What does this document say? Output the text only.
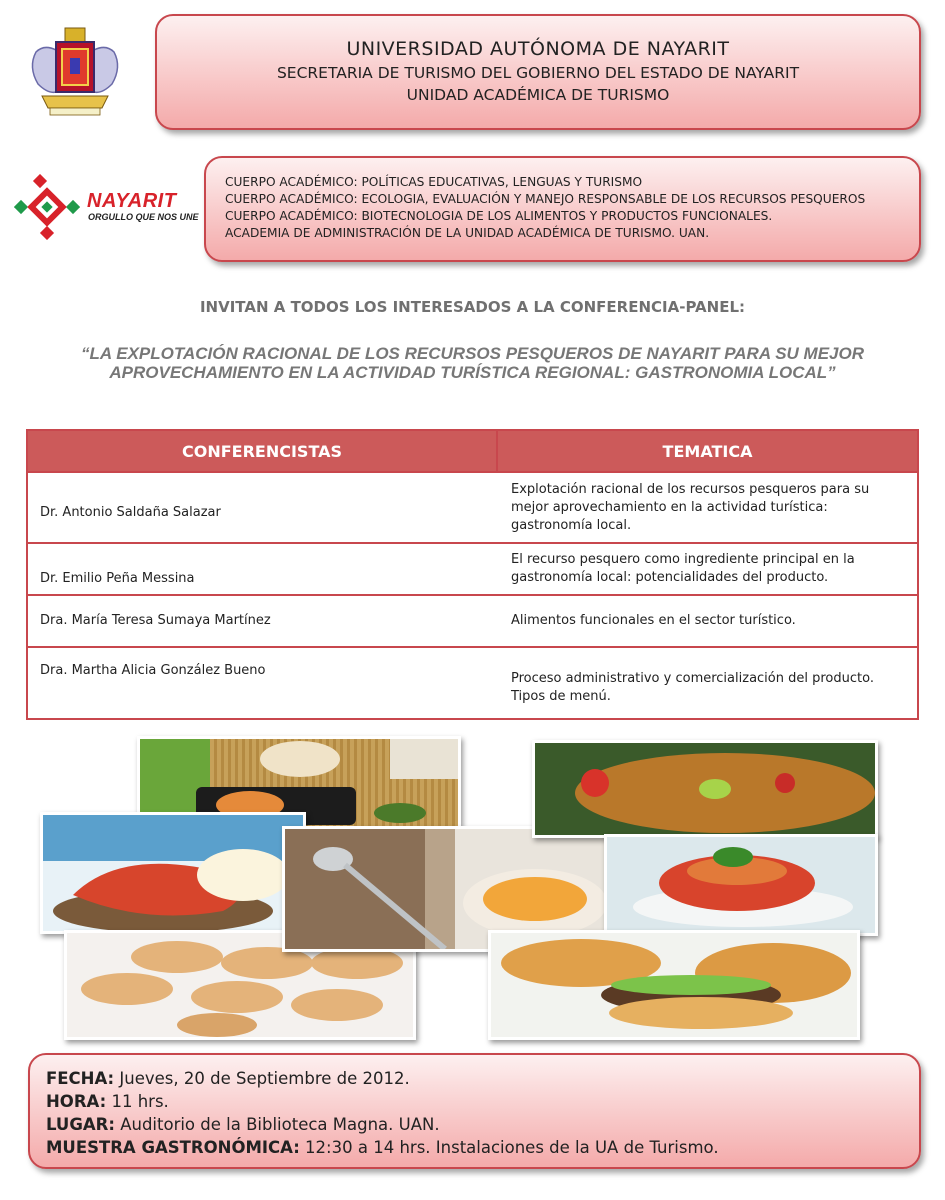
UNIVERSIDAD AUTÓNOMA DE NAYARIT
SECRETARIA DE TURISMO DEL GOBIERNO DEL ESTADO DE NAYARIT
UNIDAD ACADÉMICA DE TURISMO
NAYARIT
ORGULLO QUE NOS UNE
CUERPO ACADÉMICO: POLÍTICAS EDUCATIVAS, LENGUAS Y TURISMO
CUERPO ACADÉMICO: ECOLOGIA, EVALUACIÓN Y MANEJO RESPONSABLE DE LOS RECURSOS PESQUEROS
CUERPO ACADÉMICO: BIOTECNOLOGIA DE LOS ALIMENTOS Y PRODUCTOS FUNCIONALES.
ACADEMIA DE ADMINISTRACIÓN DE LA UNIDAD ACADÉMICA DE TURISMO. UAN.
INVITAN A TODOS LOS INTERESADOS A LA CONFERENCIA-PANEL:
“LA EXPLOTACIÓN RACIONAL DE LOS RECURSOS PESQUEROS DE NAYARIT PARA SU MEJOR APROVECHAMIENTO EN LA ACTIVIDAD TURÍSTICA REGIONAL: GASTRONOMIA LOCAL”
CONFERENCISTAS	TEMATICA
Dr. Antonio Saldaña Salazar	Explotación racional de los recursos pesqueros para su mejor aprovechamiento en la actividad turística: gastronomía local.
Dr. Emilio Peña Messina	El recurso pesquero como ingrediente principal en la gastronomía local: potencialidades del producto.
Dra. María Teresa Sumaya Martínez	Alimentos funcionales en el sector turístico.
Dra. Martha Alicia González Bueno	Proceso administrativo y comercialización del producto. Tipos de menú.
FECHA: Jueves, 20 de Septiembre de 2012.
HORA: 11 hrs.
LUGAR: Auditorio de la Biblioteca Magna. UAN.
MUESTRA GASTRONÓMICA: 12:30 a 14 hrs. Instalaciones de la UA de Turismo.
